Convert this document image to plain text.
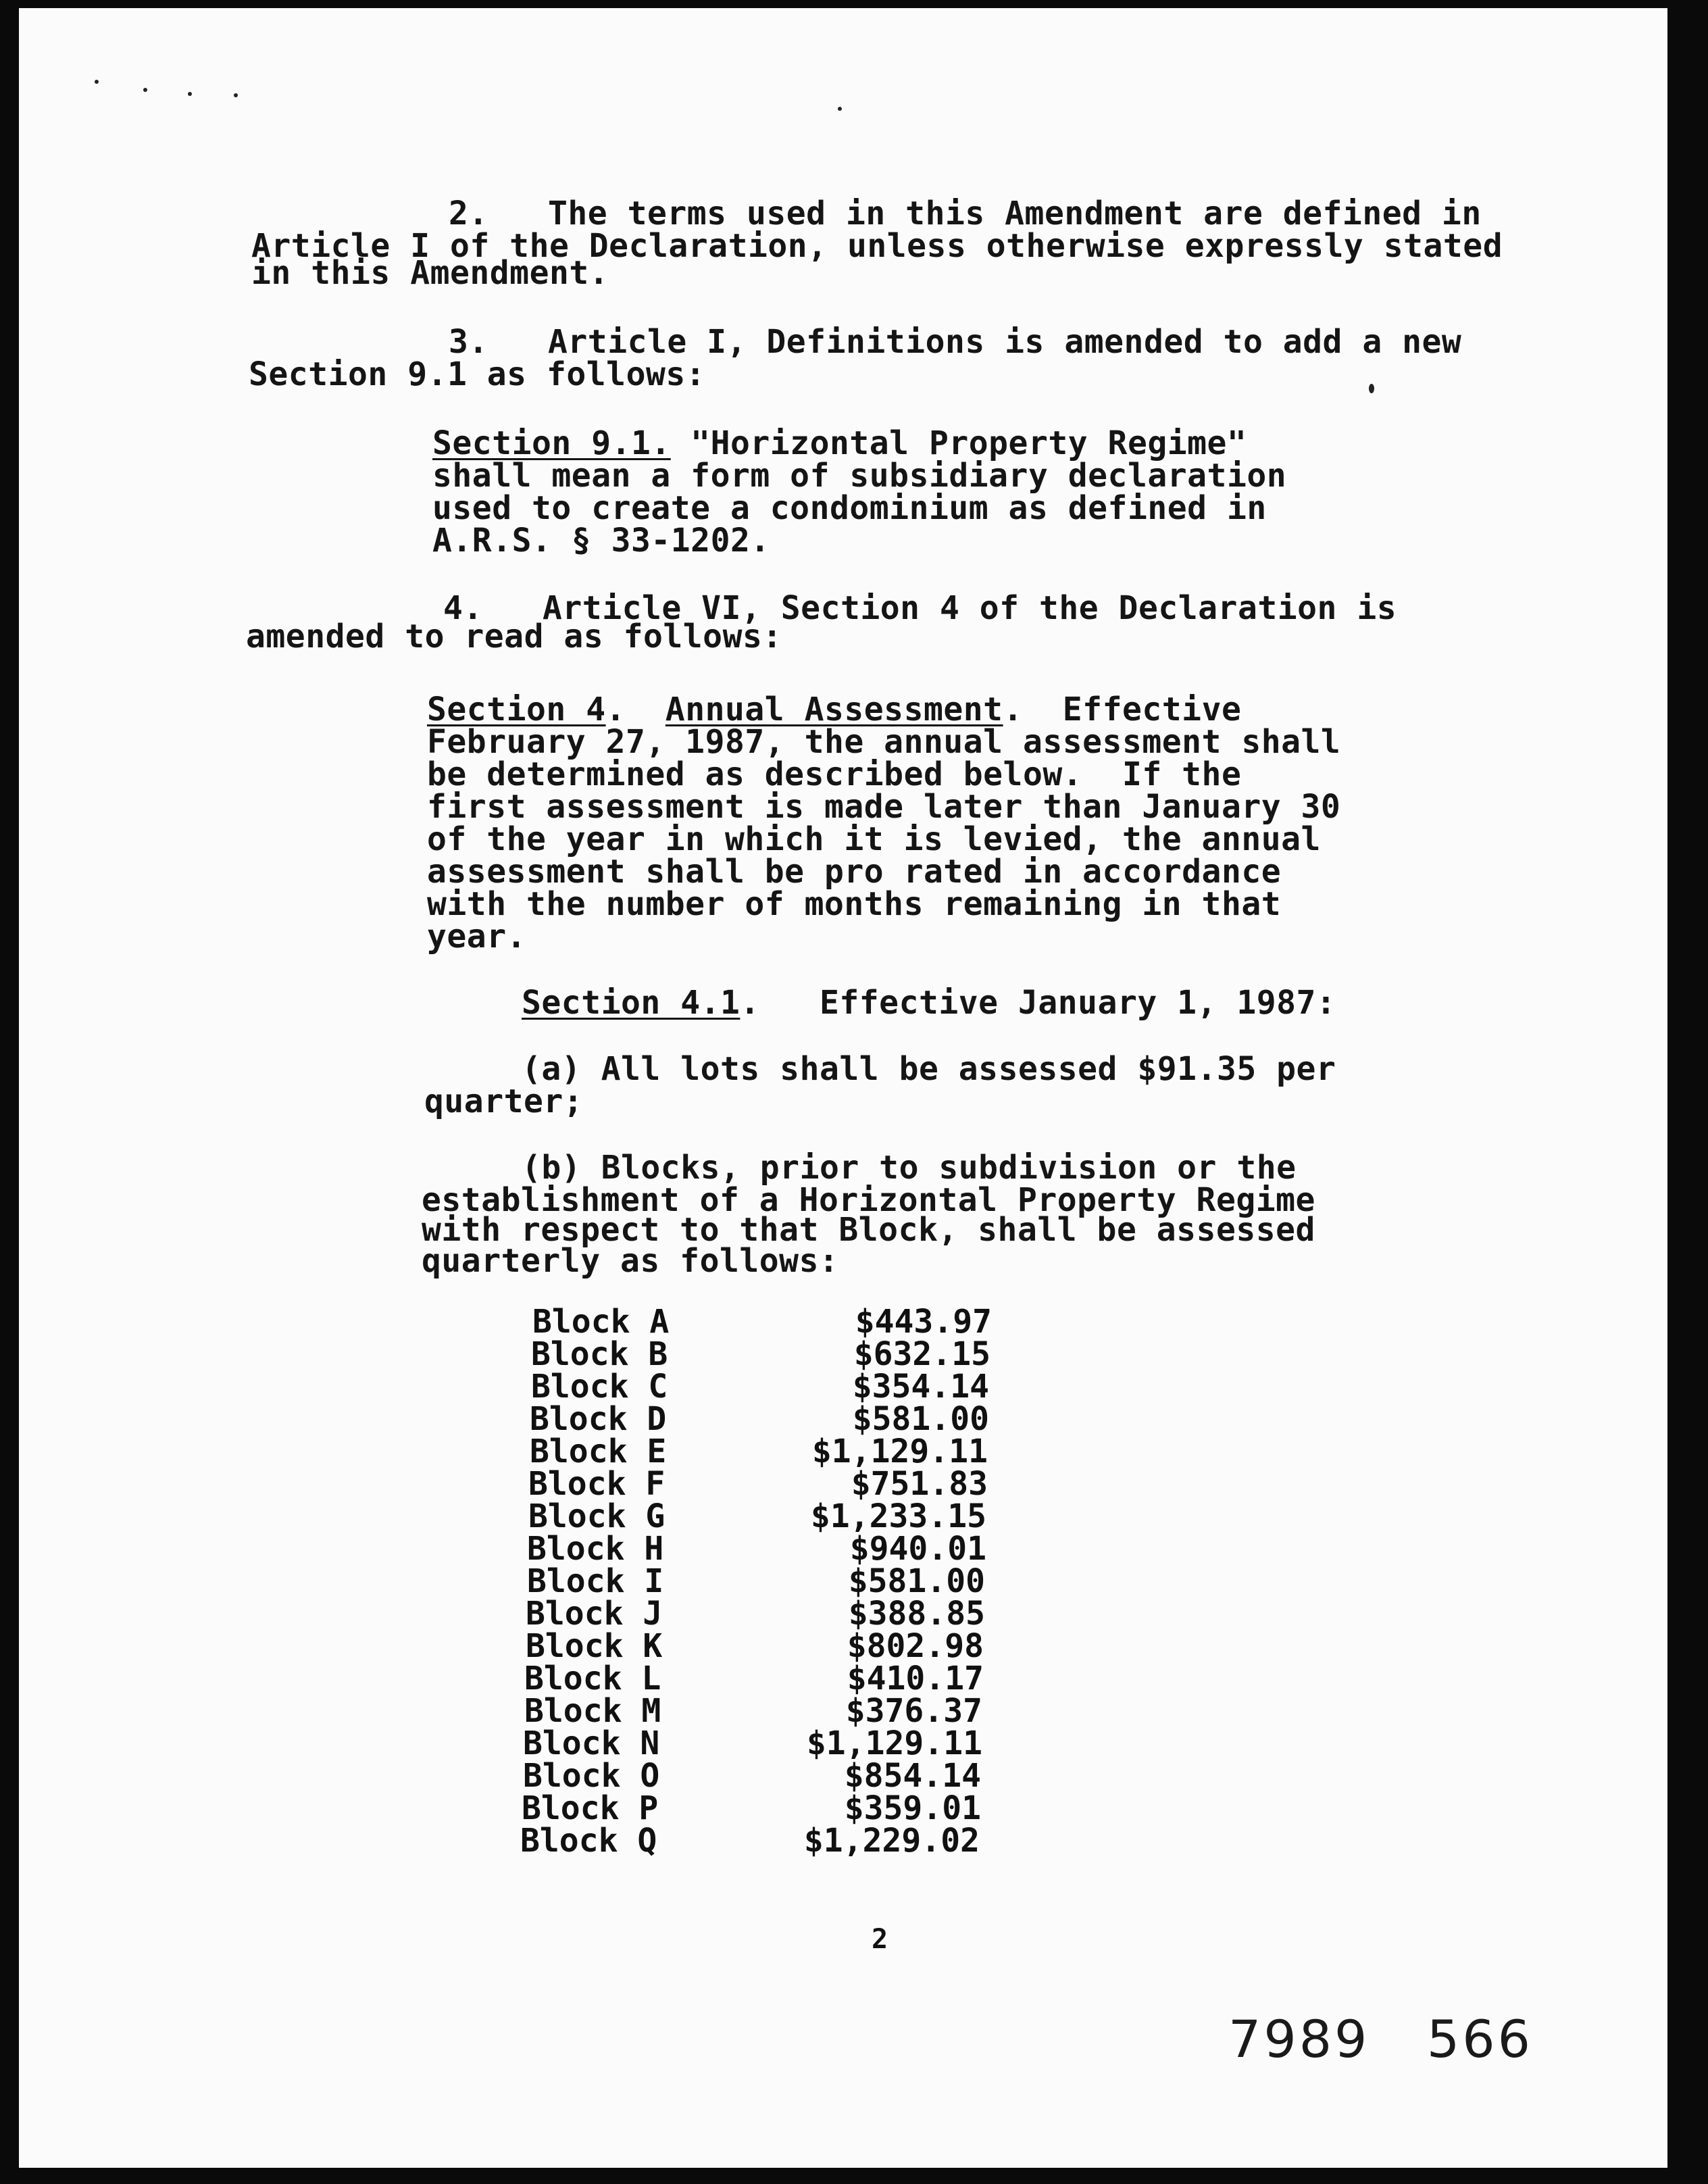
2.   The terms used in this Amendment are defined in
Article I of the Declaration, unless otherwise expressly stated
in this Amendment.
3.   Article I, Definitions is amended to add a new
Section 9.1 as follows:
Section 9.1. "Horizontal Property Regime"
shall mean a form of subsidiary declaration
used to create a condominium as defined in
A.R.S. § 33-1202.
4.   Article VI, Section 4 of the Declaration is
amended to read as follows:
Section 4.  Annual Assessment.  Effective
February 27, 1987, the annual assessment shall
be determined as described below.  If the
first assessment is made later than January 30
of the year in which it is levied, the annual
assessment shall be pro rated in accordance
with the number of months remaining in that
year.
Section 4.1.   Effective January 1, 1987:
(a) All lots shall be assessed $91.35 per
quarter;
(b) Blocks, prior to subdivision or the
establishment of a Horizontal Property Regime
with respect to that Block, shall be assessed
quarterly as follows:
Block A	$443.97
Block B	$632.15
Block C	$354.14
Block D	$581.00
Block E	$1,129.11
Block F	$751.83
Block G	$1,233.15
Block H	$940.01
Block I	$581.00
Block J	$388.85
Block K	$802.98
Block L	$410.17
Block M	$376.37
Block N	$1,129.11
Block O	$854.14
Block P	$359.01
Block Q	$1,229.02
2
7989   566
